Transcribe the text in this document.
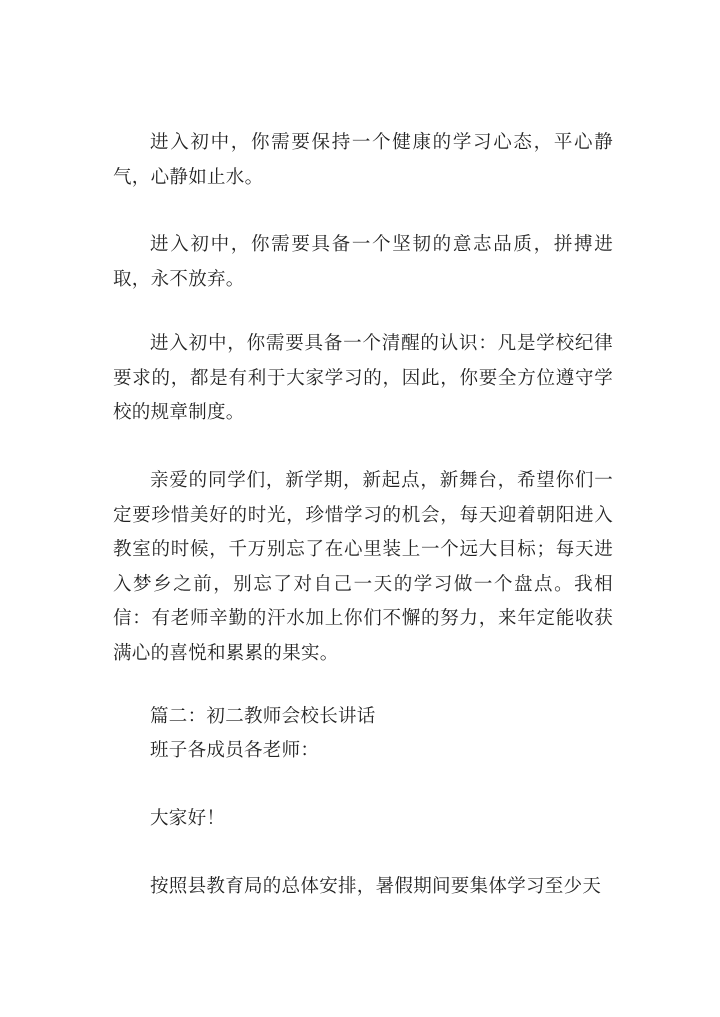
进入初中，你需要保持一个健康的学习心态，平心静气，心静如止水。

进入初中，你需要具备一个坚韧的意志品质，拼搏进取，永不放弃。

进入初中，你需要具备一个清醒的认识：凡是学校纪律要求的，都是有利于大家学习的，因此，你要全方位遵守学校的规章制度。

亲爱的同学们，新学期，新起点，新舞台，希望你们一定要珍惜美好的时光，珍惜学习的机会，每天迎着朝阳进入教室的时候，千万别忘了在心里装上一个远大目标；每天进入梦乡之前，别忘了对自己一天的学习做一个盘点。我相信：有老师辛勤的汗水加上你们不懈的努力，来年定能收获满心的喜悦和累累的果实。

篇二：初二教师会校长讲话

班子各成员各老师：

大家好！

按照县教育局的总体安排，暑假期间要集体学习至少天
